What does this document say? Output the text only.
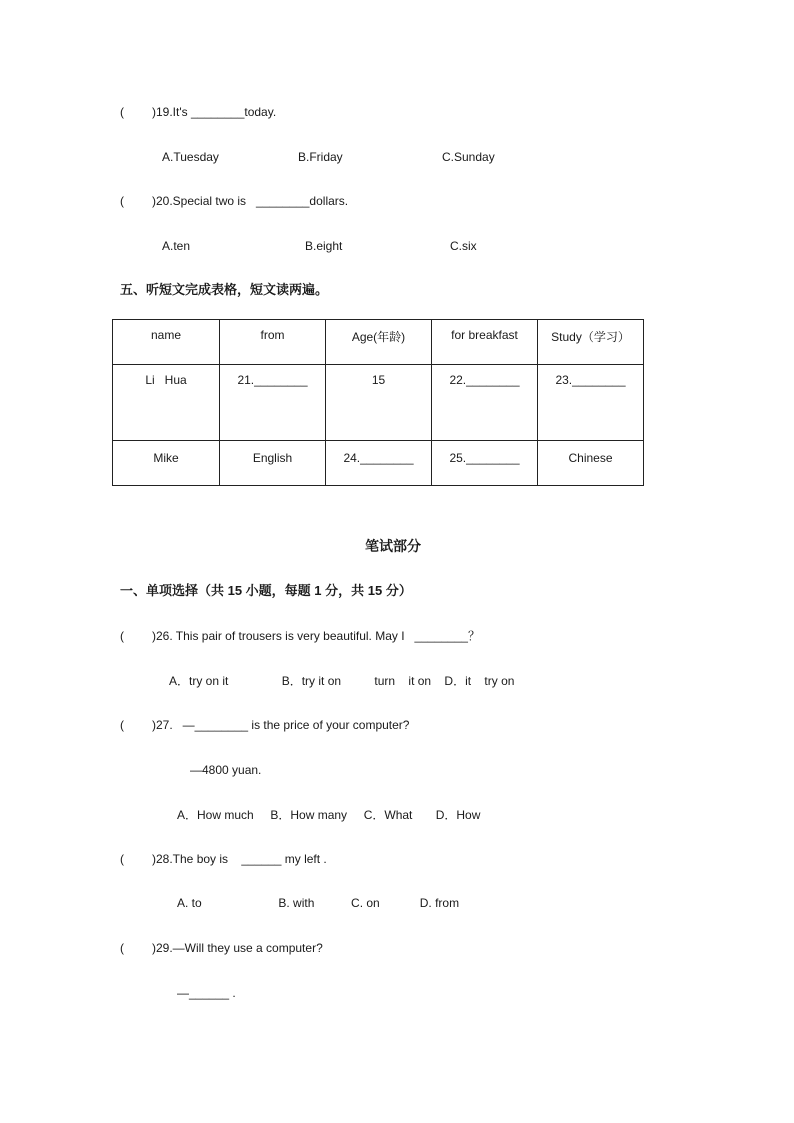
( )19.It's ________today.
A.Tuesday	B.Friday	C.Sunday
( )20.Special two is   ________dollars.
A.ten	B.eight	C.six
五、听短文完成表格，短文读两遍。
name	from	Age(年龄)	for breakfast	Study（学习）
Li   Hua	21.________	15	22.________	23.________
Mike	English	24.________	25.________	Chinese
笔试部分
一、单项选择（共 15 小题，每题 1 分，共 15 分）
( )26. This pair of trousers is very beautiful. May I   ________？
A．try on it                B．try it on          turn    it on    D．it    try on
( )27.   —________ is the price of your computer?
—4800 yuan.
A．How much     B．How many     C．What       D．How
( )28.The boy is    ______ my left .
A. to                       B. with           C. on            D. from
( )29.—Will they use a computer?
—______ .
